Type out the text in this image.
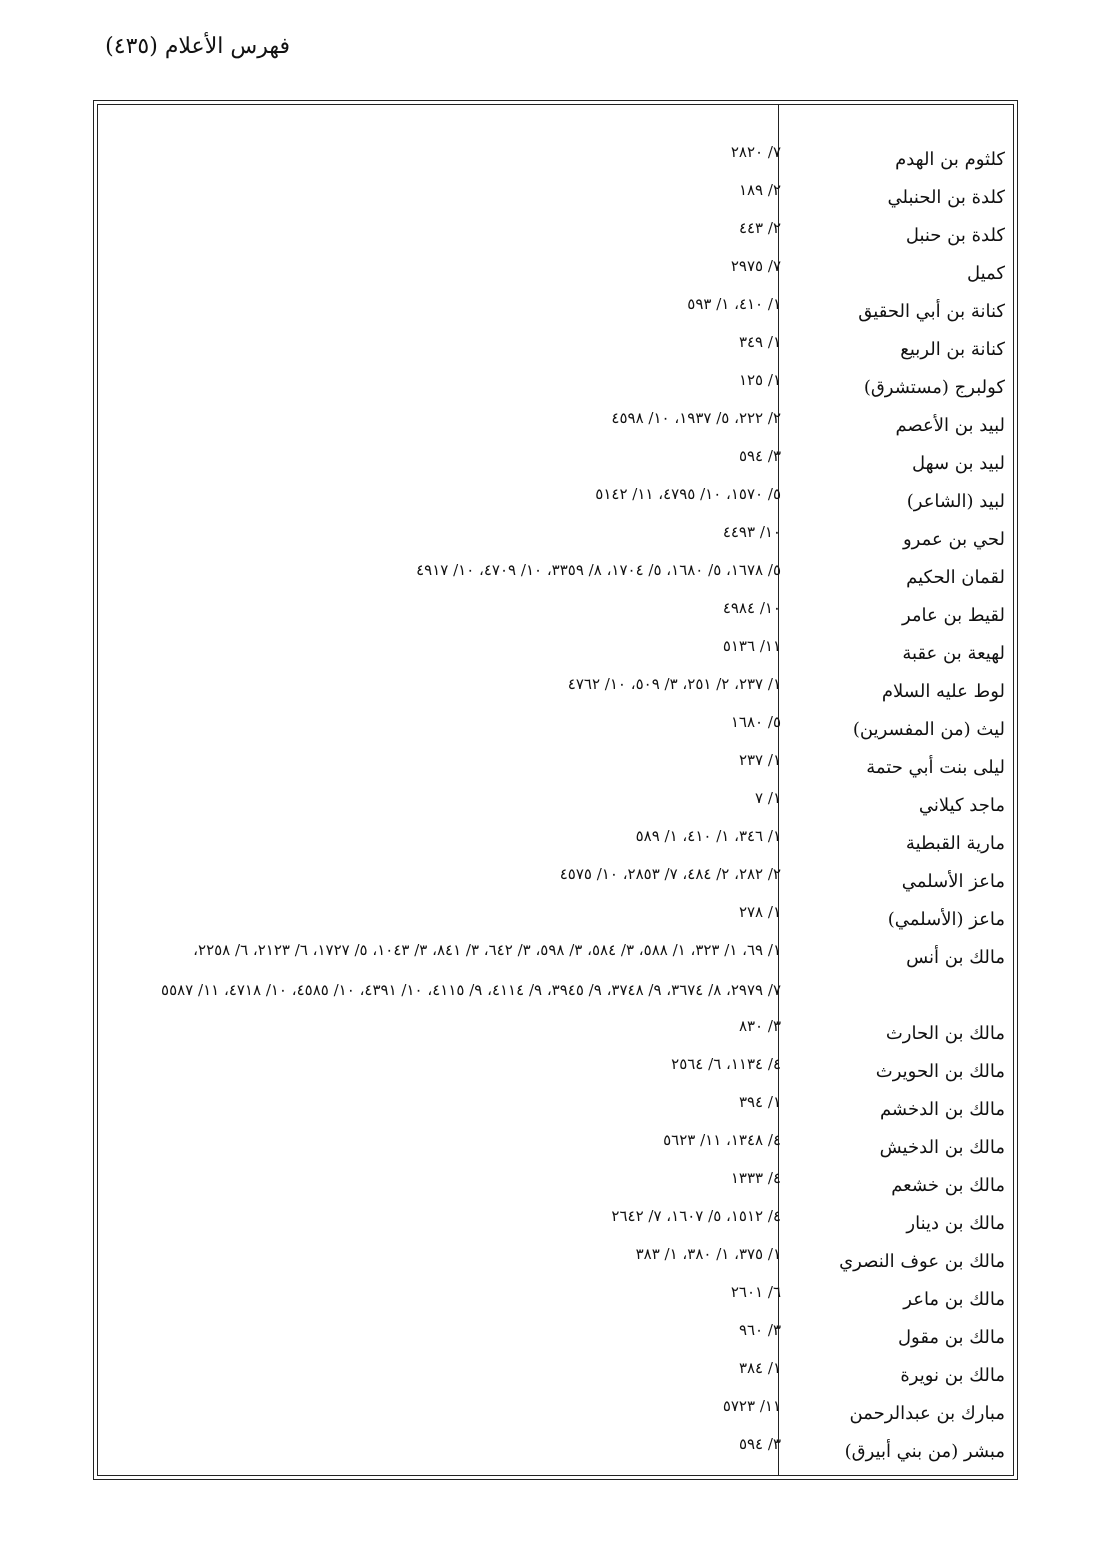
فهرس الأعلام (٤٣٥)
كلثوم بن الهدم
٧/ ٢٨٢٠
كلدة بن الحنبلي
٢/ ١٨٩
كلدة بن حنبل
٢/ ٤٤٣
كميل
٧/ ٢٩٧٥
كنانة بن أبي الحقيق
١/ ٤١٠، ١/ ٥٩٣
كنانة بن الربيع
١/ ٣٤٩
كولبرج (مستشرق)
١/ ١٢٥
لبيد بن الأعصم
٢/ ٢٢٢، ٥/ ١٩٣٧، ١٠/ ٤٥٩٨
لبيد بن سهل
٣/ ٥٩٤
لبيد (الشاعر)
٥/ ١٥٧٠، ١٠/ ٤٧٩٥، ١١/ ٥١٤٢
لحي بن عمرو
١٠/ ٤٤٩٣
لقمان الحكيم
٥/ ١٦٧٨، ٥/ ١٦٨٠، ٥/ ١٧٠٤، ٨/ ٣٣٥٩، ١٠/ ٤٧٠٩، ١٠/ ٤٩١٧
لقيط بن عامر
١٠/ ٤٩٨٤
لهيعة بن عقبة
١١/ ٥١٣٦
لوط عليه السلام
١/ ٢٣٧، ٢/ ٢٥١، ٣/ ٥٠٩، ١٠/ ٤٧٦٢
ليث (من المفسرين)
٥/ ١٦٨٠
ليلى بنت أبي حتمة
١/ ٢٣٧
ماجد كيلاني
١/ ٧
مارية القبطية
١/ ٣٤٦، ١/ ٤١٠، ١/ ٥٨٩
ماعز الأسلمي
٢/ ٢٨٢، ٢/ ٤٨٤، ٧/ ٢٨٥٣، ١٠/ ٤٥٧٥
ماعز (الأسلمي)
١/ ٢٧٨
مالك بن أنس
١/ ٦٩، ١/ ٣٢٣، ١/ ٥٨٨، ٣/ ٥٨٤، ٣/ ٥٩٨، ٣/ ٦٤٢، ٣/ ٨٤١، ٣/ ١٠٤٣، ٥/ ١٧٢٧، ٦/ ٢١٢٣، ٦/ ٢٢٥٨،
٧/ ٢٩٧٩، ٨/ ٣٦٧٤، ٩/ ٣٧٤٨، ٩/ ٣٩٤٥، ٩/ ٤١١٤، ٩/ ٤١١٥، ١٠/ ٤٣٩١، ١٠/ ٤٥٨٥، ١٠/ ٤٧١٨، ١١/ ٥٥٨٧
مالك بن الحارث
٣/ ٨٣٠
مالك بن الحويرث
٤/ ١١٣٤، ٦/ ٢٥٦٤
مالك بن الدخشم
١/ ٣٩٤
مالك بن الدخيش
٤/ ١٣٤٨، ١١/ ٥٦٢٣
مالك بن خشعم
٤/ ١٣٣٣
مالك بن دينار
٤/ ١٥١٢، ٥/ ١٦٠٧، ٧/ ٢٦٤٢
مالك بن عوف النصري
١/ ٣٧٥، ١/ ٣٨٠، ١/ ٣٨٣
مالك بن ماعر
٦/ ٢٦٠١
مالك بن مقول
٣/ ٩٦٠
مالك بن نويرة
١/ ٣٨٤
مبارك بن عبدالرحمن
١١/ ٥٧٢٣
مبشر (من بني أبيرق)
٣/ ٥٩٤
